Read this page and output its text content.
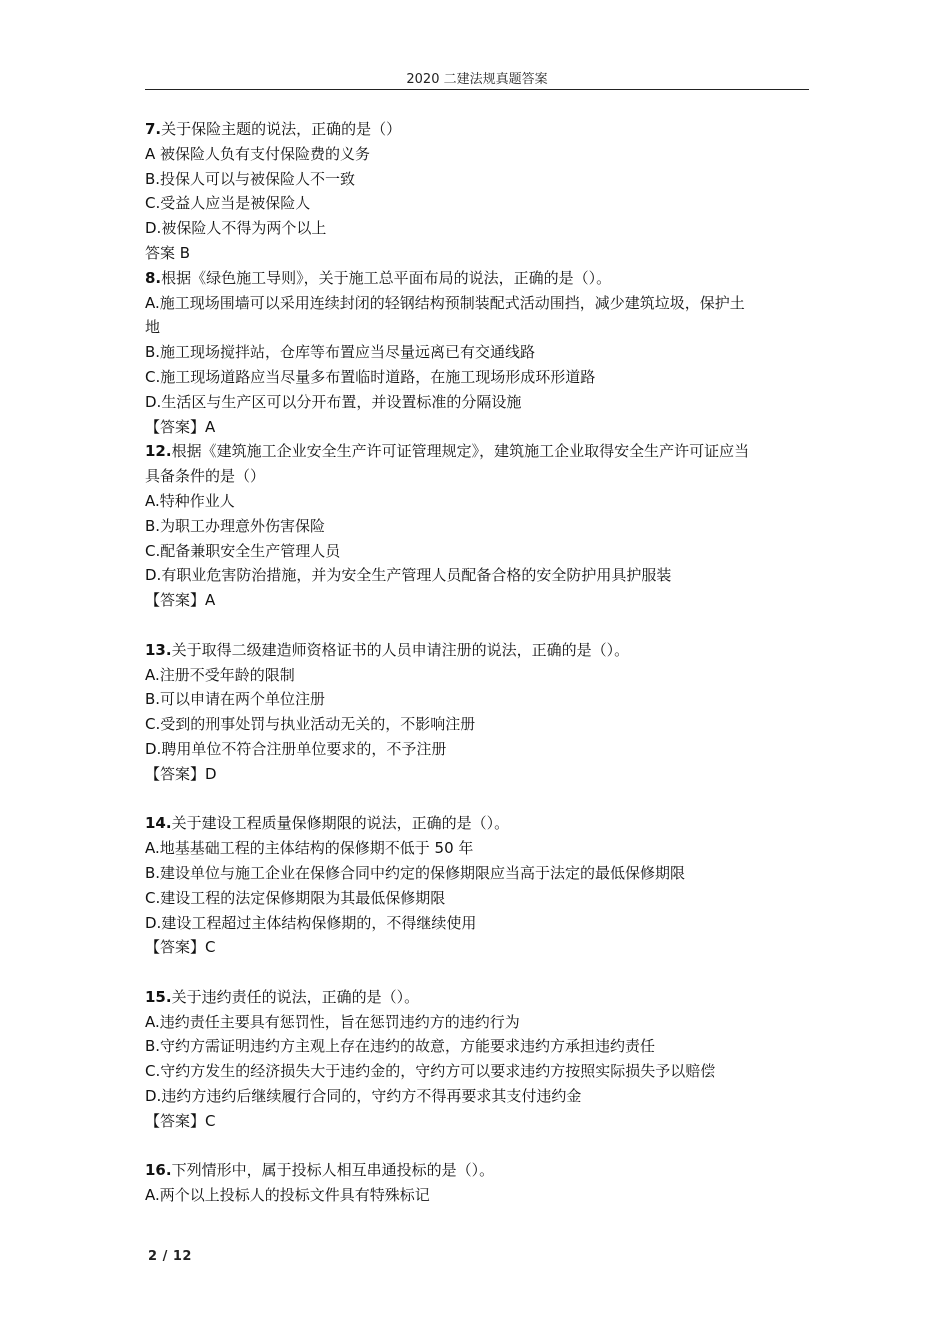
2020 二建法规真题答案
7.关于保险主题的说法，正确的是（）
A 被保险人负有支付保险费的义务
B.投保人可以与被保险人不一致
C.受益人应当是被保险人
D.被保险人不得为两个以上
答案 B
8.根据《绿色施工导则》，关于施工总平面布局的说法，正确的是（）。
A.施工现场围墙可以采用连续封闭的轻钢结构预制装配式活动围挡，减少建筑垃圾，保护土
地
B.施工现场搅拌站，仓库等布置应当尽量远离已有交通线路
C.施工现场道路应当尽量多布置临时道路，在施工现场形成环形道路
D.生活区与生产区可以分开布置，并设置标准的分隔设施
【答案】A
12.根据《建筑施工企业安全生产许可证管理规定》，建筑施工企业取得安全生产许可证应当
具备条件的是（）
A.特种作业人
B.为职工办理意外伤害保险
C.配备兼职安全生产管理人员
D.有职业危害防治措施，并为安全生产管理人员配备合格的安全防护用具护服装
【答案】A
13.关于取得二级建造师资格证书的人员申请注册的说法，正确的是（）。
A.注册不受年龄的限制
B.可以申请在两个单位注册
C.受到的刑事处罚与执业活动无关的，不影响注册
D.聘用单位不符合注册单位要求的，不予注册
【答案】D
14.关于建设工程质量保修期限的说法，正确的是（）。
A.地基基础工程的主体结构的保修期不低于 50 年
B.建设单位与施工企业在保修合同中约定的保修期限应当高于法定的最低保修期限
C.建设工程的法定保修期限为其最低保修期限
D.建设工程超过主体结构保修期的，不得继续使用
【答案】C
15.关于违约责任的说法，正确的是（）。
A.违约责任主要具有惩罚性，旨在惩罚违约方的违约行为
B.守约方需证明违约方主观上存在违约的故意，方能要求违约方承担违约责任
C.守约方发生的经济损失大于违约金的，守约方可以要求违约方按照实际损失予以赔偿
D.违约方违约后继续履行合同的，守约方不得再要求其支付违约金
【答案】C
16.下列情形中，属于投标人相互串通投标的是（）。
A.两个以上投标人的投标文件具有特殊标记
2 / 12
